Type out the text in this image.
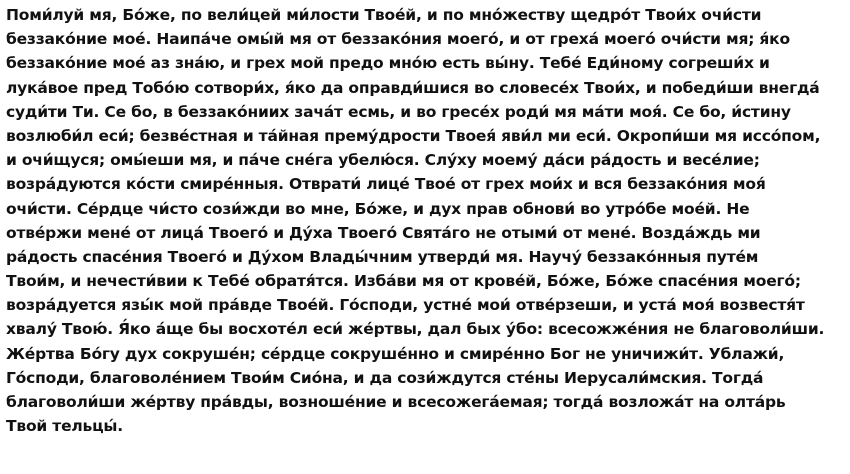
Поми́луй мя, Бо́же, по вели́цей ми́лости Твое́й, и по мно́жеству щедро́т Твои́х очи́сти
беззако́ние мое́. Наипа́че омы́й мя от беззако́ния моего́, и от греха́ моего́ очи́сти мя; я́ко
беззако́ние мое́ аз зна́ю, и грех мой предо мно́ю есть вы́ну. Тебе́ Еди́ному согреши́х и
лука́вое пред Тобо́ю сотвори́х, я́ко да оправди́шися во словесе́х Твои́х, и победи́ши внегда́
суди́ти Ти. Се бо, в беззако́ниих зача́т есмь, и во гресе́х роди́ мя ма́ти моя́. Се бо, и́стину
возлюби́л еси́; безве́стная и та́йная прему́дрости Твоея́ яви́л ми еси́. Окропи́ши мя иссо́пом,
и очи́щуся; омы́еши мя, и па́че сне́га убелю́ся. Слу́ху моему́ да́си ра́дость и весе́лие;
возра́дуются ко́сти смире́нныя. Отврати́ лице́ Твое́ от грех мои́х и вся беззако́ния моя́
очи́сти. Се́рдце чи́сто сози́жди во мне, Бо́же, и дух прав обнови́ во утро́бе мое́й. Не
отве́ржи мене́ от лица́ Твоего́ и Ду́ха Твоего́ Свята́го не отыми́ от мене́. Возда́ждь ми
ра́дость спасе́ния Твоего́ и Ду́хом Влады́чним утверди́ мя. Научу́ беззако́нныя путе́м
Твои́м, и нечести́вии к Тебе́ обратя́тся. Изба́ви мя от крове́й, Бо́же, Бо́же спасе́ния моего́;
возра́дуется язы́к мой пра́вде Твое́й. Го́споди, устне́ мои́ отве́рзеши, и уста́ моя́ возвестя́т
хвалу́ Твою́. Я́ко а́ще бы восхоте́л еси́ же́ртвы, дал бых у́бо: всесожже́ния не благоволи́ши.
Же́ртва Бо́гу дух сокруше́н; се́рдце сокруше́нно и смире́нно Бог не уничижи́т. Ублажи́,
Го́споди, благоволе́нием Твои́м Сио́на, и да сози́ждутся сте́ны Иерусали́мския. Тогда́
благоволи́ши же́ртву пра́вды, возноше́ние и всесожега́емая; тогда́ возложа́т на олта́рь
Твой тельцы́.
